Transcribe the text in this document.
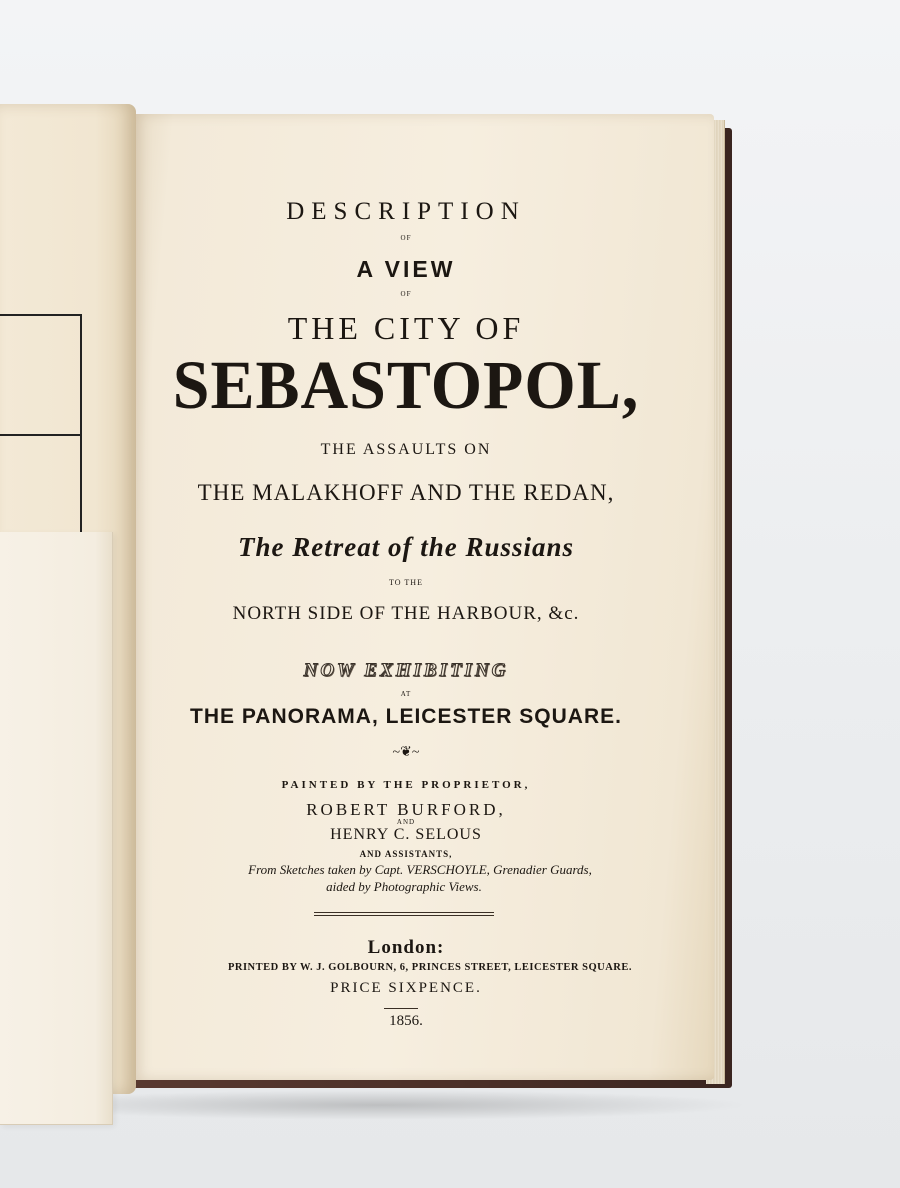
DESCRIPTION
OF
A VIEW
OF
THE CITY OF
SEBASTOPOL,
THE ASSAULTS ON
THE MALAKHOFF AND THE REDAN,
The Retreat of the Russians
TO THE
NORTH SIDE OF THE HARBOUR, &c.
NOW EXHIBITING
AT
THE PANORAMA, LEICESTER SQUARE.
~❦~
PAINTED BY THE PROPRIETOR,
ROBERT BURFORD,
AND
HENRY C. SELOUS
AND ASSISTANTS,
From Sketches taken by Capt. VERSCHOYLE, Grenadier Guards,
aided by Photographic Views.
London:
PRINTED BY W. J. GOLBOURN, 6, PRINCES STREET, LEICESTER SQUARE.
PRICE SIXPENCE.
1856.
